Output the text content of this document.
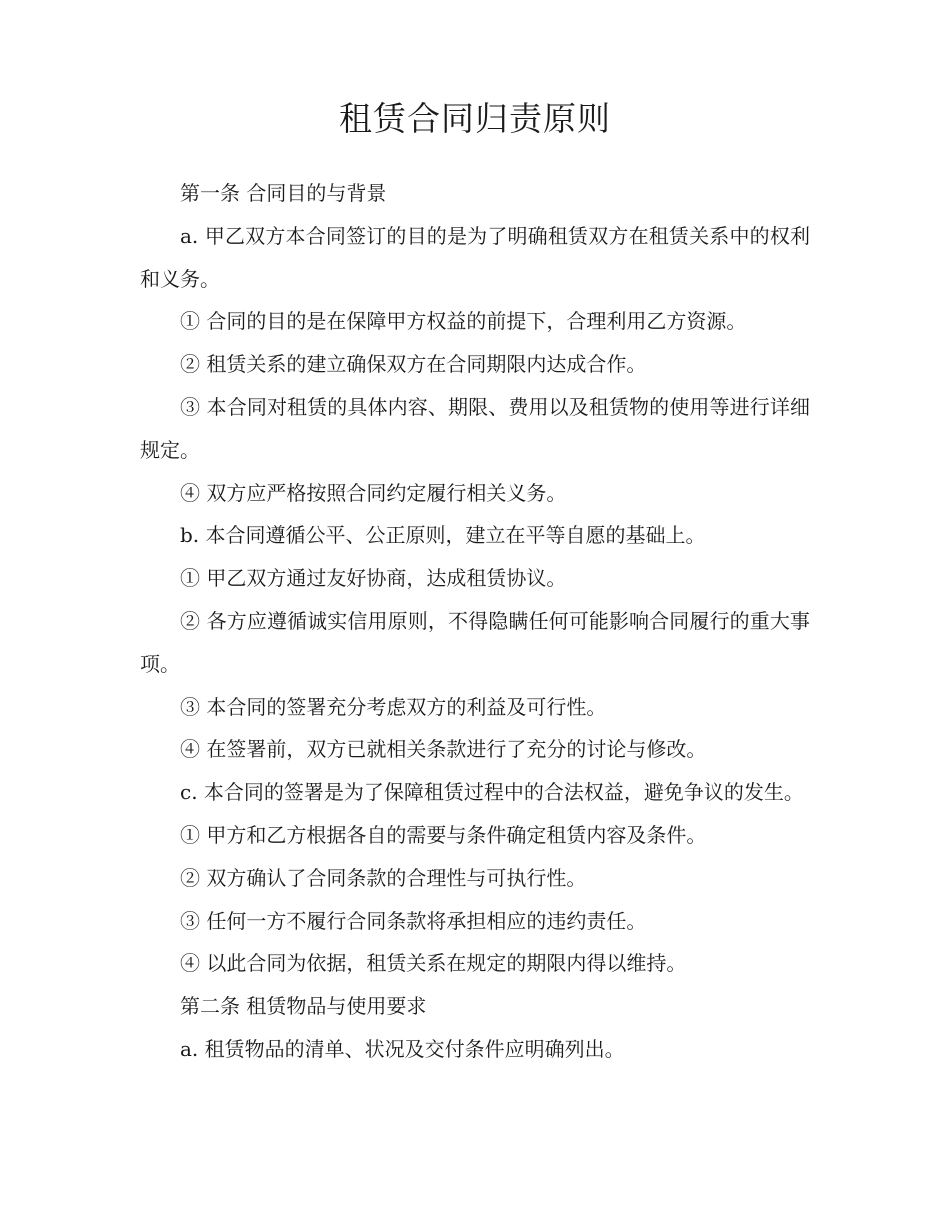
租赁合同归责原则

第一条 合同目的与背景

a. 甲乙双方本合同签订的目的是为了明确租赁双方在租赁关系中的权利和义务。

① 合同的目的是在保障甲方权益的前提下，合理利用乙方资源。

② 租赁关系的建立确保双方在合同期限内达成合作。

③ 本合同对租赁的具体内容、期限、费用以及租赁物的使用等进行详细规定。

④ 双方应严格按照合同约定履行相关义务。

b. 本合同遵循公平、公正原则，建立在平等自愿的基础上。

① 甲乙双方通过友好协商，达成租赁协议。

② 各方应遵循诚实信用原则，不得隐瞒任何可能影响合同履行的重大事项。

③ 本合同的签署充分考虑双方的利益及可行性。

④ 在签署前，双方已就相关条款进行了充分的讨论与修改。

c. 本合同的签署是为了保障租赁过程中的合法权益，避免争议的发生。

① 甲方和乙方根据各自的需要与条件确定租赁内容及条件。

② 双方确认了合同条款的合理性与可执行性。

③ 任何一方不履行合同条款将承担相应的违约责任。

④ 以此合同为依据，租赁关系在规定的期限内得以维持。

第二条 租赁物品与使用要求

a. 租赁物品的清单、状况及交付条件应明确列出。
